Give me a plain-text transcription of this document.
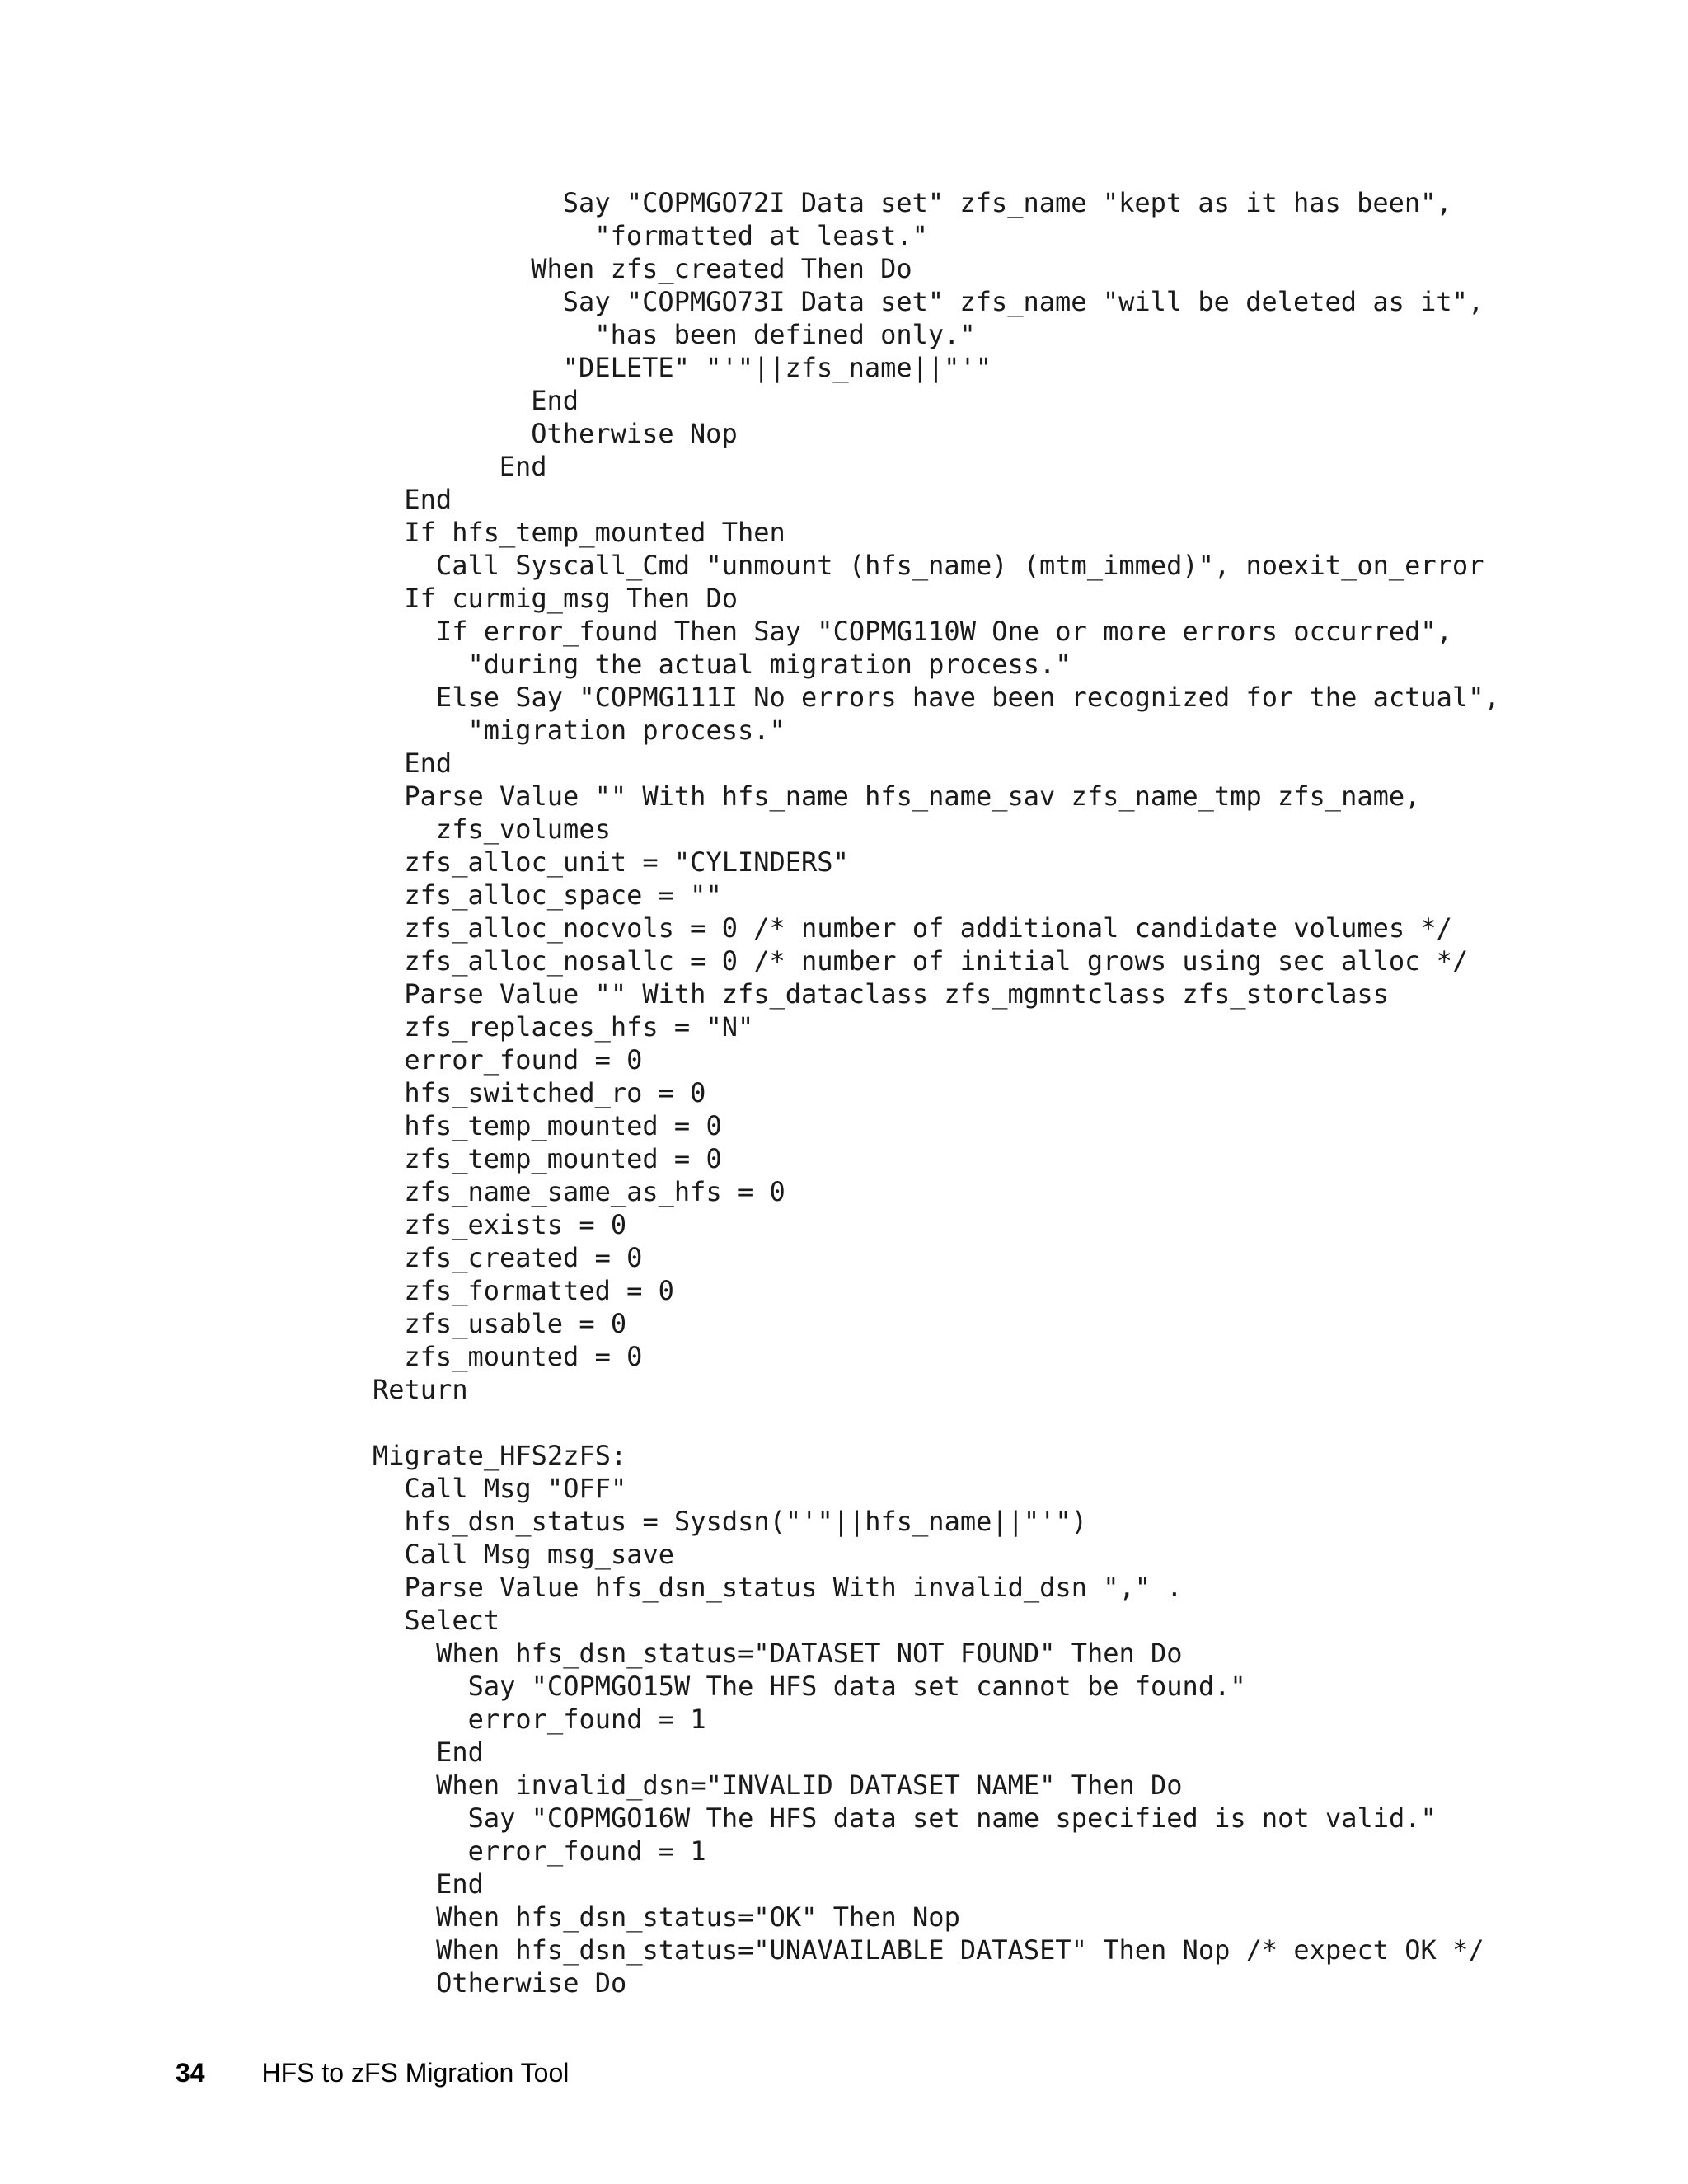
Say "COPMGO72I Data set" zfs_name "kept as it has been",
"formatted at least."
When zfs_created Then Do
Say "COPMGO73I Data set" zfs_name "will be deleted as it",
"has been defined only."
"DELETE" "'"||zfs_name||"'"
End
Otherwise Nop
End
End
If hfs_temp_mounted Then
Call Syscall_Cmd "unmount (hfs_name) (mtm_immed)", noexit_on_error
If curmig_msg Then Do
If error_found Then Say "COPMG110W One or more errors occurred",
"during the actual migration process."
Else Say "COPMG111I No errors have been recognized for the actual",
"migration process."
End
Parse Value "" With hfs_name hfs_name_sav zfs_name_tmp zfs_name,
zfs_volumes
zfs_alloc_unit = "CYLINDERS"
zfs_alloc_space = ""
zfs_alloc_nocvols = 0 /* number of additional candidate volumes */
zfs_alloc_nosallc = 0 /* number of initial grows using sec alloc */
Parse Value "" With zfs_dataclass zfs_mgmntclass zfs_storclass
zfs_replaces_hfs = "N"
error_found = 0
hfs_switched_ro = 0
hfs_temp_mounted = 0
zfs_temp_mounted = 0
zfs_name_same_as_hfs = 0
zfs_exists = 0
zfs_created = 0
zfs_formatted = 0
zfs_usable = 0
zfs_mounted = 0
Return
Migrate_HFS2zFS:
Call Msg "OFF"
hfs_dsn_status = Sysdsn("'"||hfs_name||"'")
Call Msg msg_save
Parse Value hfs_dsn_status With invalid_dsn "," .
Select
When hfs_dsn_status="DATASET NOT FOUND" Then Do
Say "COPMGO15W The HFS data set cannot be found."
error_found = 1
End
When invalid_dsn="INVALID DATASET NAME" Then Do
Say "COPMGO16W The HFS data set name specified is not valid."
error_found = 1
End
When hfs_dsn_status="OK" Then Nop
When hfs_dsn_status="UNAVAILABLE DATASET" Then Nop /* expect OK */
Otherwise Do
34 HFS to zFS Migration Tool
